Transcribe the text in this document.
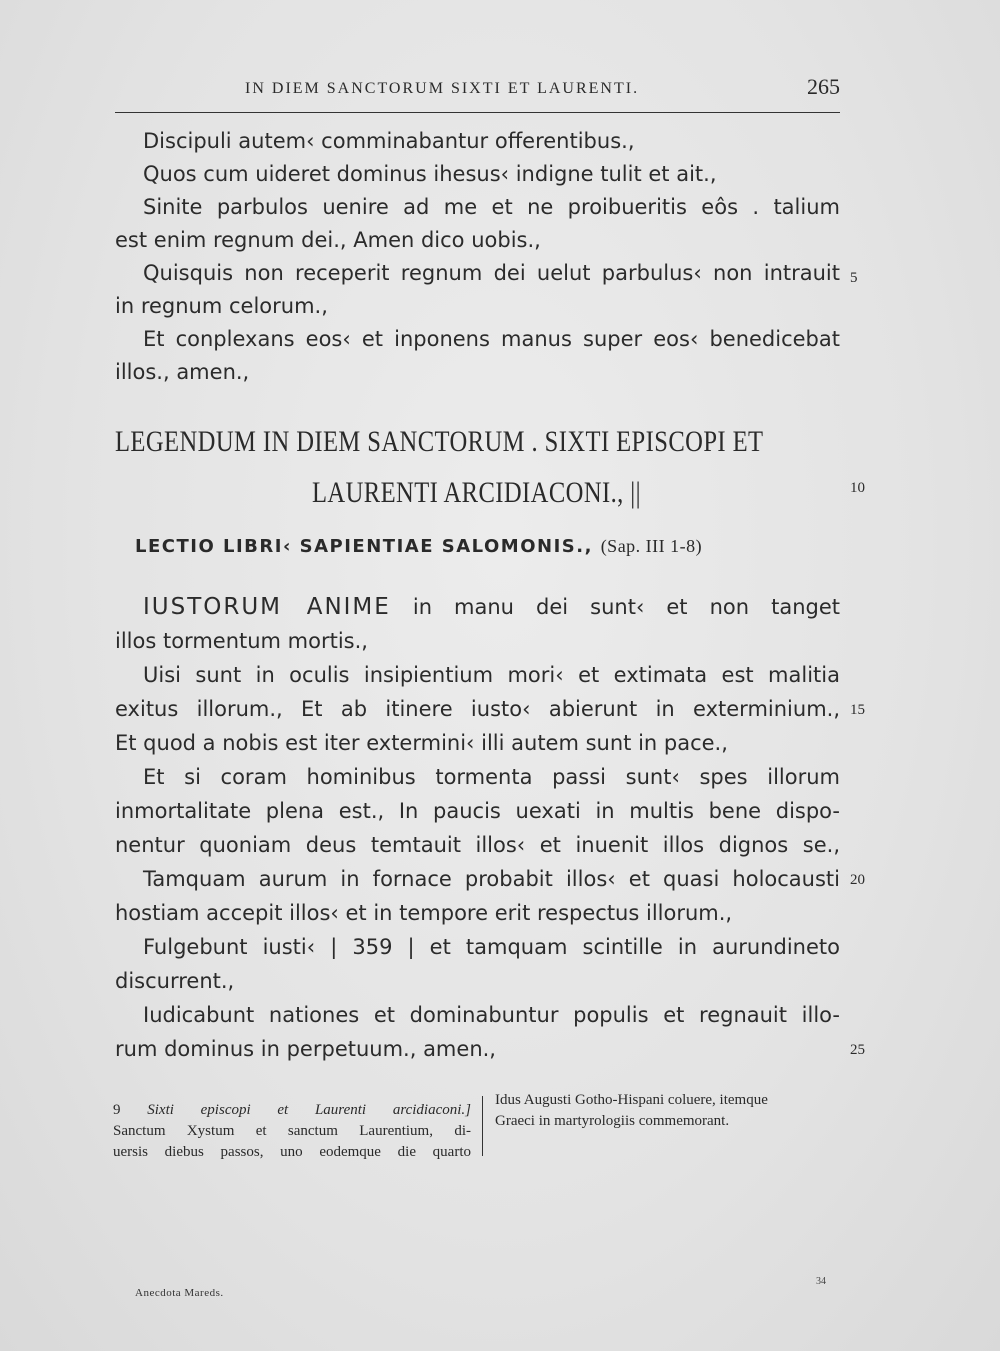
IN DIEM SANCTORUM SIXTI ET LAURENTI.	265
Discipuli autem‹ comminabantur offerentibus.,
Quos cum uideret dominus ihesus‹ indigne tulit et ait.,
Sinite parbulos uenire ad me et ne proibueritis eôs . talium
est enim regnum dei., Amen dico uobis.,
Quisquis non receperit regnum dei uelut parbulus‹ non intrauit
in regnum celorum.,
Et conplexans eos‹ et inponens manus super eos‹ benedicebat
illos., amen.,
LEGENDUM IN DIEM SANCTORUM . SIXTI EPISCOPI ET
LAURENTI ARCIDIACONI., ||
LECTIO LIBRI‹ SAPIENTIAE SALOMONIS., (Sap. III 1-8)
IUSTORUM ANIME in manu dei sunt‹ et non tanget
illos tormentum mortis.,
Uisi sunt in oculis insipientium mori‹ et extimata est malitia
exitus illorum., Et ab itinere iusto‹ abierunt in exterminium.,
Et quod a nobis est iter extermini‹ illi autem sunt in pace.,
Et si coram hominibus tormenta passi sunt‹ spes illorum
inmortalitate plena est., In paucis uexati in multis bene dispo-
nentur quoniam deus temtauit illos‹ et inuenit illos dignos se.,
Tamquam aurum in fornace probabit illos‹ et quasi holocausti
hostiam accepit illos‹ et in tempore erit respectus illorum.,
Fulgebunt iusti‹ | 359 | et tamquam scintille in aurundineto
discurrent.,
Iudicabunt nationes et dominabuntur populis et regnauit illo-
rum dominus in perpetuum., amen.,
5
10
15
20
25
9 Sixti episcopi et Laurenti arcidiaconi.]
Sanctum Xystum et sanctum Laurentium, di-
uersis diebus passos, uno eodemque die quarto
Idus Augusti Gotho-Hispani coluere, itemque
Graeci in martyrologiis commemorant.
Anecdota Mareds.
34
